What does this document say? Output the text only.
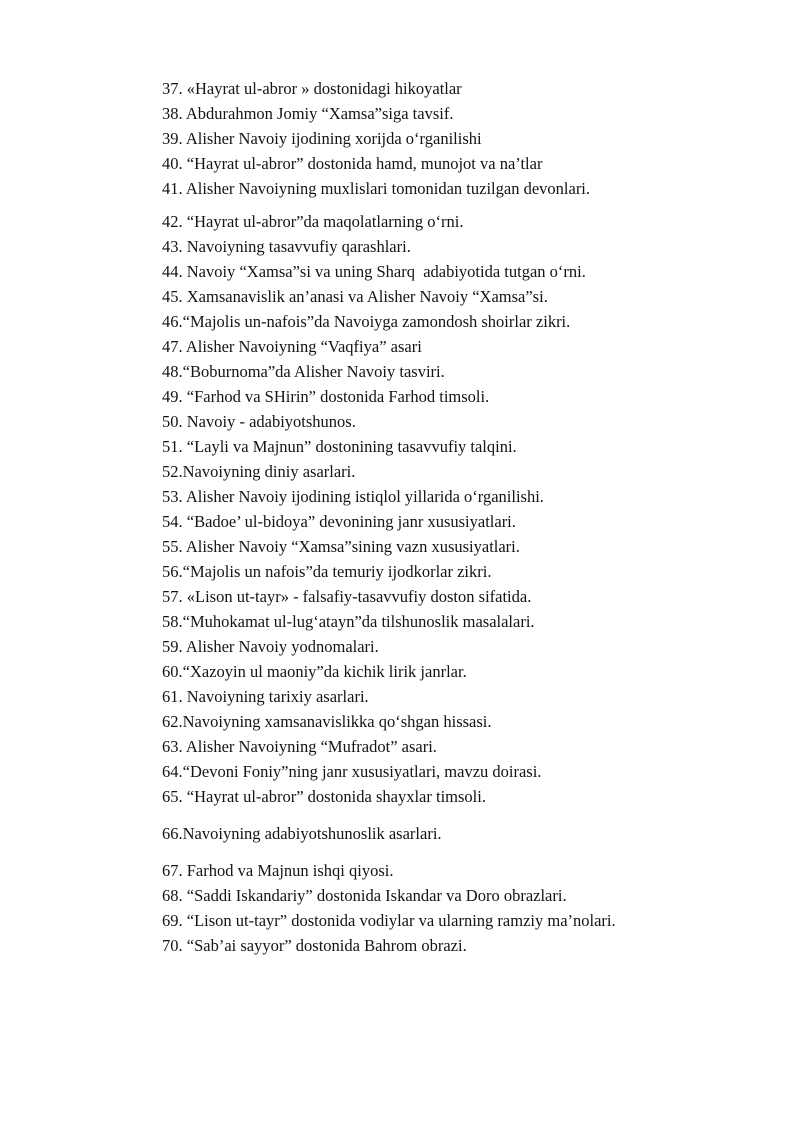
37. «Hayrat ul-abror » dostonidagi hikoyatlar
38. Abdurahmon Jomiy “Xamsa”siga tavsif.
39. Alisher Navoiy ijodining xorijda o‘rganilishi
40. “Hayrat ul-abror” dostonida hamd, munojot va na’tlar
41. Alisher Navoiyning muxlislari tomonidan tuzilgan devonlari.
42. “Hayrat ul-abror”da maqolatlarning o‘rni.
43. Navoiyning tasavvufiy qarashlari.
44. Navoiy “Xamsa”si va uning Sharq  adabiyotida tutgan o‘rni.
45. Xamsanavislik an’anasi va Alisher Navoiy “Xamsa”si.
46.“Majolis un-nafois”da Navoiyga zamondosh shoirlar zikri.
47. Alisher Navoiyning “Vaqfiya” asari
48.“Boburnoma”da Alisher Navoiy tasviri.
49. “Farhod va SHirin” dostonida Farhod timsoli.
50. Navoiy - adabiyotshunos.
51. “Layli va Majnun” dostonining tasavvufiy talqini.
52.Navoiyning diniy asarlari.
53. Alisher Navoiy ijodining istiqlol yillarida o‘rganilishi.
54. “Badoe’ ul-bidoya” devonining janr xususiyatlari.
55. Alisher Navoiy “Xamsa”sining vazn xususiyatlari.
56.“Majolis un nafois”da temuriy ijodkorlar zikri.
57. «Lison ut-tayr» - falsafiy-tasavvufiy doston sifatida.
58.“Muhokamat ul-lug‘atayn”da tilshunoslik masalalari.
59. Alisher Navoiy yodnomalari.
60.“Xazoyin ul maoniy”da kichik lirik janrlar.
61. Navoiyning tarixiy asarlari.
62.Navoiyning xamsanavislikka qo‘shgan hissasi.
63. Alisher Navoiyning “Mufradot” asari.
64.“Devoni Foniy”ning janr xususiyatlari, mavzu doirasi.
65. “Hayrat ul-abror” dostonida shayxlar timsoli.
66.Navoiyning adabiyotshunoslik asarlari.
67. Farhod va Majnun ishqi qiyosi.
68. “Saddi Iskandariy” dostonida Iskandar va Doro obrazlari.
69. “Lison ut-tayr” dostonida vodiylar va ularning ramziy ma’nolari.
70. “Sab’ai sayyor” dostonida Bahrom obrazi.
